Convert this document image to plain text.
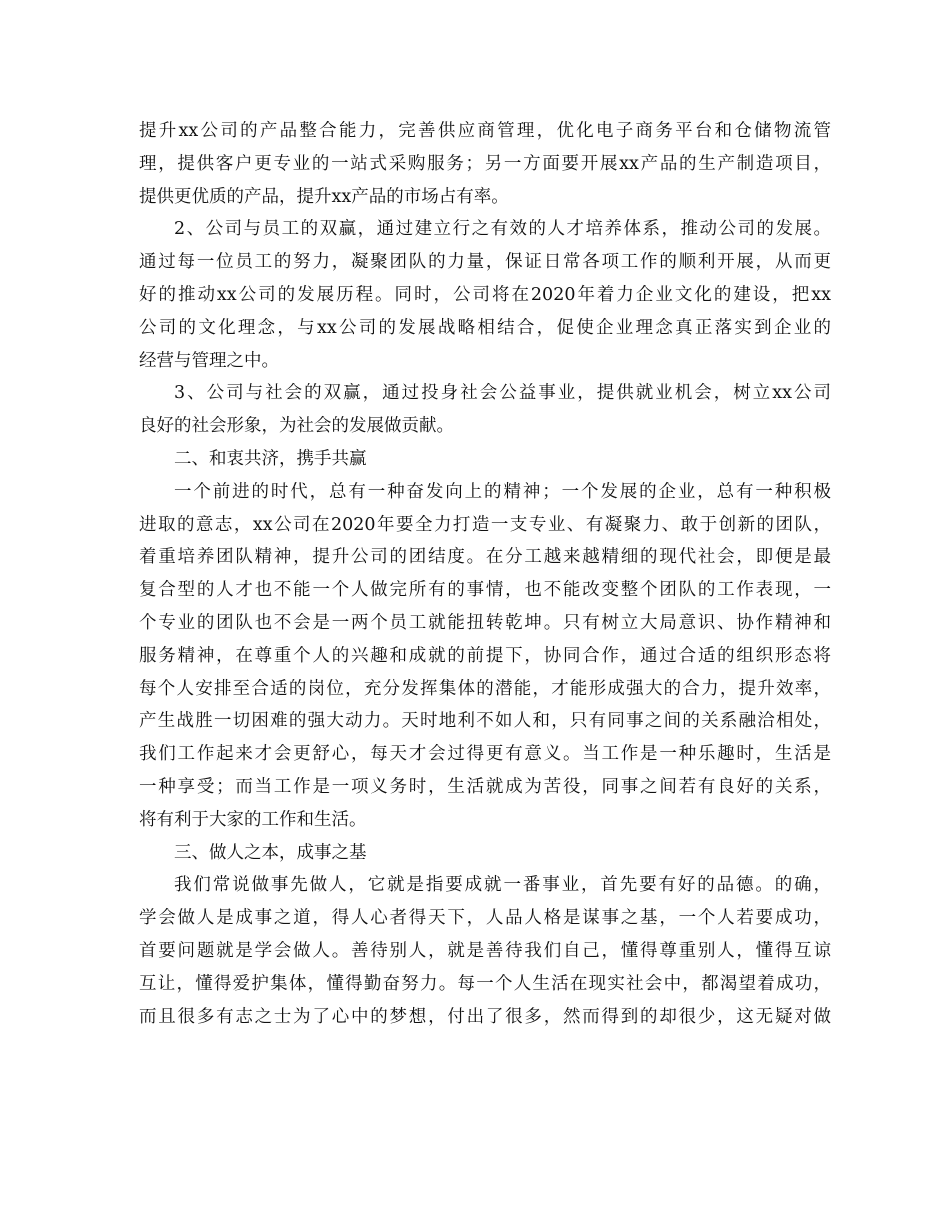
提升xx公司的产品整合能力，完善供应商管理，优化电子商务平台和仓储物流管
理，提供客户更专业的一站式采购服务；另一方面要开展xx产品的生产制造项目，
提供更优质的产品，提升xx产品的市场占有率。
2、公司与员工的双赢，通过建立行之有效的人才培养体系，推动公司的发展。
通过每一位员工的努力，凝聚团队的力量，保证日常各项工作的顺利开展，从而更
好的推动xx公司的发展历程。同时，公司将在2020年着力企业文化的建设，把xx
公司的文化理念，与xx公司的发展战略相结合，促使企业理念真正落实到企业的
经营与管理之中。
3、公司与社会的双赢，通过投身社会公益事业，提供就业机会，树立xx公司
良好的社会形象，为社会的发展做贡献。
二、和衷共济，携手共赢
一个前进的时代，总有一种奋发向上的精神；一个发展的企业，总有一种积极
进取的意志，xx公司在2020年要全力打造一支专业、有凝聚力、敢于创新的团队，
着重培养团队精神，提升公司的团结度。在分工越来越精细的现代社会，即便是最
复合型的人才也不能一个人做完所有的事情，也不能改变整个团队的工作表现，一
个专业的团队也不会是一两个员工就能扭转乾坤。只有树立大局意识、协作精神和
服务精神，在尊重个人的兴趣和成就的前提下，协同合作，通过合适的组织形态将
每个人安排至合适的岗位，充分发挥集体的潜能，才能形成强大的合力，提升效率，
产生战胜一切困难的强大动力。天时地利不如人和，只有同事之间的关系融洽相处，
我们工作起来才会更舒心，每天才会过得更有意义。当工作是一种乐趣时，生活是
一种享受；而当工作是一项义务时，生活就成为苦役，同事之间若有良好的关系，
将有利于大家的工作和生活。
三、做人之本，成事之基
我们常说做事先做人，它就是指要成就一番事业，首先要有好的品德。的确，
学会做人是成事之道，得人心者得天下，人品人格是谋事之基，一个人若要成功，
首要问题就是学会做人。善待别人，就是善待我们自己，懂得尊重别人，懂得互谅
互让，懂得爱护集体，懂得勤奋努力。每一个人生活在现实社会中，都渴望着成功，
而且很多有志之士为了心中的梦想，付出了很多，然而得到的却很少，这无疑对做
